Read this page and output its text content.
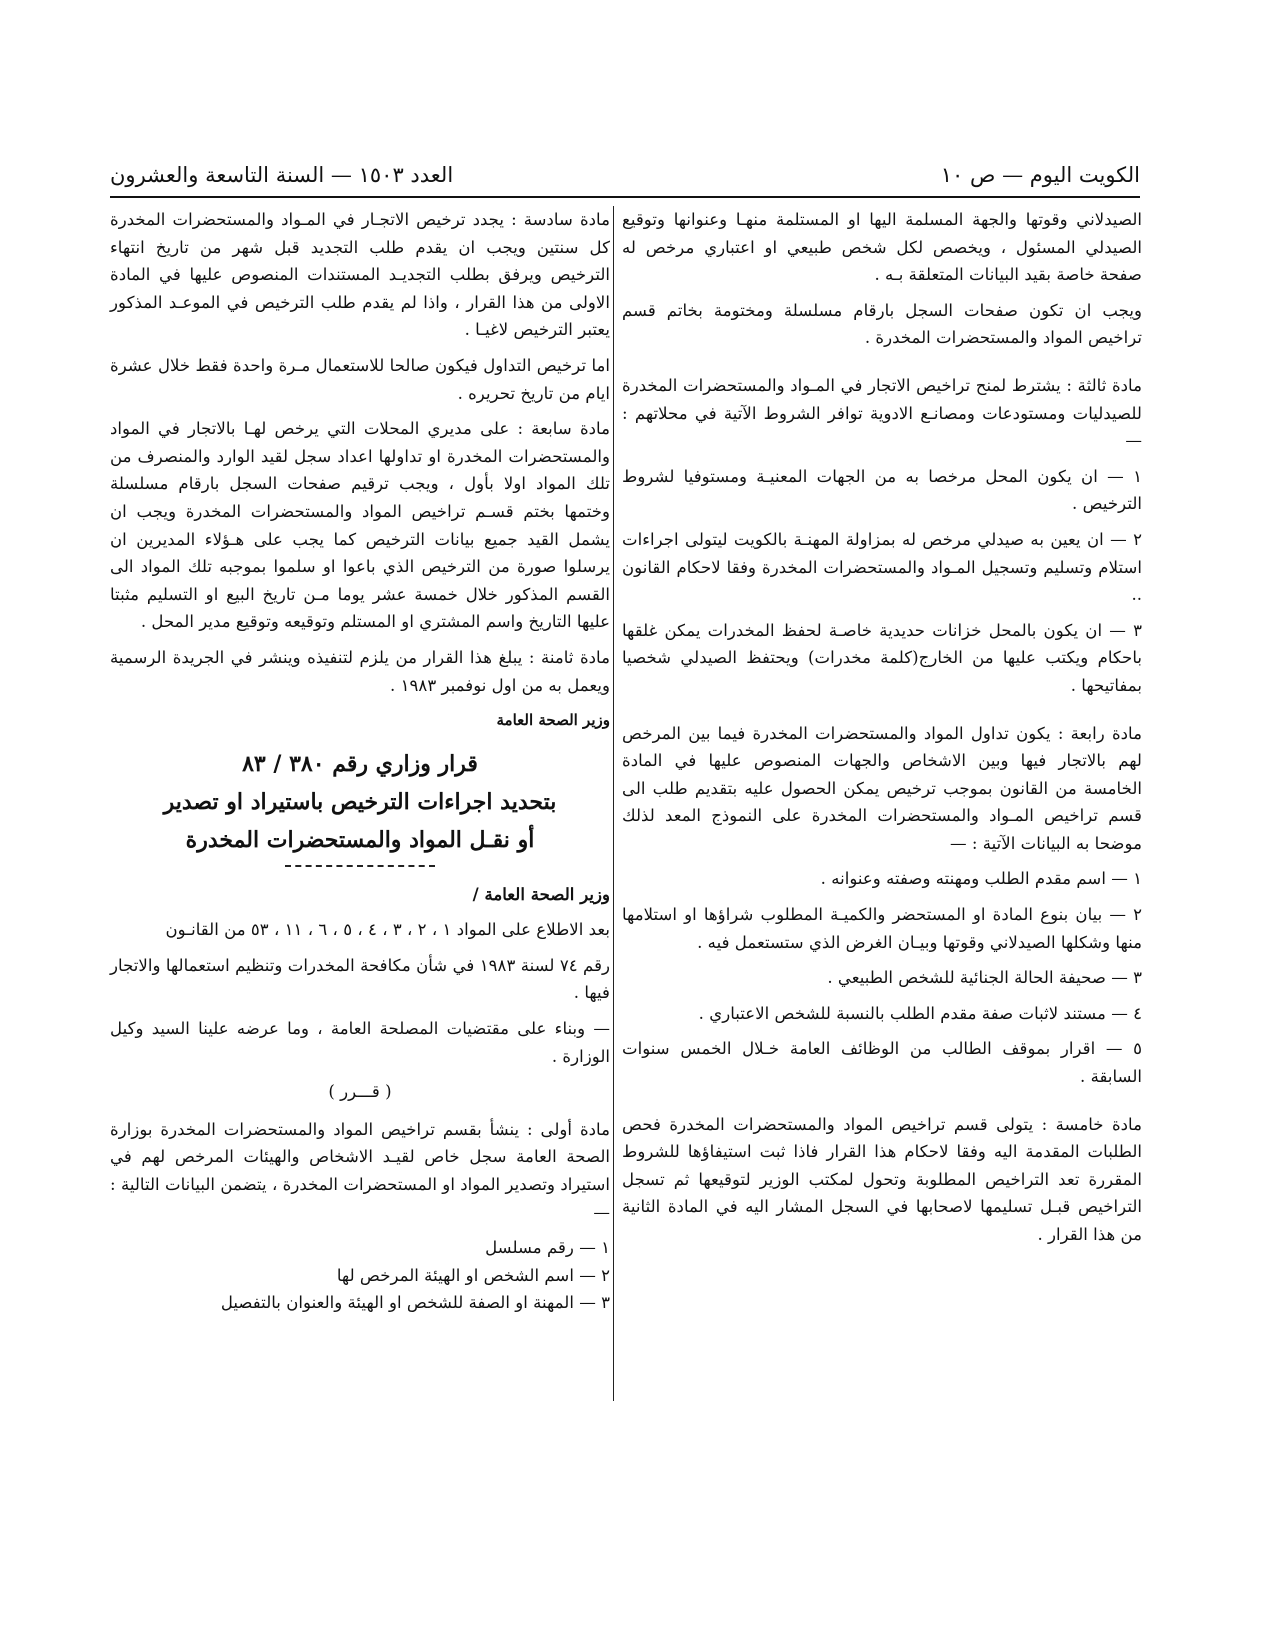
الكويت اليوم — ص ١٠
العدد ١٥٠٣ — السنة التاسعة والعشرون

الصيدلاني وقوتها والجهة المسلمة اليها او المستلمة منهـا وعنوانها وتوقيع الصيدلي المسئول ، ويخصص لكل شخص طبيعي او اعتباري مرخص له صفحة خاصة بقيد البيانات المتعلقة بـه .

ويجب ان تكون صفحات السجل بارقام مسلسلة ومختومة بخاتم قسم تراخيص المواد والمستحضرات المخدرة .

مادة ثالثة : يشترط لمنح تراخيص الاتجار في المـواد والمستحضرات المخدرة للصيدليات ومستودعات ومصانـع الادوية توافر الشروط الآتية في محلاتهم : —

١ — ان يكون المحل مرخصا به من الجهات المعنيـة ومستوفيا لشروط الترخيص .

٢ — ان يعين به صيدلي مرخص له بمزاولة المهنـة بالكويت ليتولى اجراءات استلام وتسليم وتسجيل المـواد والمستحضرات المخدرة وفقا لاحكام القانون ..

٣ — ان يكون بالمحل خزانات حديدية خاصـة لحفظ المخدرات يمكن غلقها باحكام ويكتب عليها من الخارج(كلمة مخدرات) ويحتفظ الصيدلي شخصيا بمفاتيحها .

مادة رابعة : يكون تداول المواد والمستحضرات المخدرة فيما بين المرخص لهم بالاتجار فيها وبين الاشخاص والجهات المنصوص عليها في المادة الخامسة من القانون بموجب ترخيص يمكن الحصول عليه بتقديم طلب الى قسم تراخيص المـواد والمستحضرات المخدرة على النموذج المعد لذلك موضحا به البيانات الآتية : —

١ — اسم مقدم الطلب ومهنته وصفته وعنوانه .

٢ — بيان بنوع المادة او المستحضر والكميـة المطلوب شراؤها او استلامها منها وشكلها الصيدلاني وقوتها وبيـان الغرض الذي ستستعمل فيه .

٣ — صحيفة الحالة الجنائية للشخص الطبيعي .

٤ — مستند لاثبات صفة مقدم الطلب بالنسبة للشخص الاعتباري .

٥ — اقرار بموقف الطالب من الوظائف العامة خـلال الخمس سنوات السابقة .

مادة خامسة : يتولى قسم تراخيص المواد والمستحضرات المخدرة فحص الطلبات المقدمة اليه وفقا لاحكام هذا القرار فاذا ثبت استيفاؤها للشروط المقررة تعد التراخيص المطلوبة وتحول لمكتب الوزير لتوقيعها ثم تسجل التراخيص قبـل تسليمها لاصحابها في السجل المشار اليه في المادة الثانية من هذا القرار .

مادة سادسة : يجدد ترخيص الاتجـار في المـواد والمستحضرات المخدرة كل سنتين ويجب ان يقدم طلب التجديد قبل شهر من تاريخ انتهاء الترخيص ويرفق بطلب التجديـد المستندات المنصوص عليها في المادة الاولى من هذا القرار ، واذا لم يقدم طلب الترخيص في الموعـد المذكور يعتبر الترخيص لاغيـا .

اما ترخيص التداول فيكون صالحا للاستعمال مـرة واحدة فقط خلال عشرة ايام من تاريخ تحريره .

مادة سابعة : على مديري المحلات التي يرخص لهـا بالاتجار في المواد والمستحضرات المخدرة او تداولها اعداد سجل لقيد الوارد والمنصرف من تلك المواد اولا بأول ، ويجب ترقيم صفحات السجل بارقام مسلسلة وختمها بختم قسـم تراخيص المواد والمستحضرات المخدرة ويجب ان يشمل القيد جميع بيانات الترخيص كما يجب على هـؤلاء المديرين ان يرسلوا صورة من الترخيص الذي باعوا او سلموا بموجبه تلك المواد الى القسم المذكور خلال خمسة عشر يوما مـن تاريخ البيع او التسليم مثبتا عليها التاريخ واسم المشتري او المستلم وتوقيعه وتوقيع مدير المحل .

مادة ثامنة : يبلغ هذا القرار من يلزم لتنفيذه وينشر في الجريدة الرسمية ويعمل به من اول نوفمبر ١٩٨٣ .

وزير الصحة العامة

قرار وزاري رقم ٣٨٠ / ٨٣

بتحديد اجراءات الترخيص باستيراد او تصدير

أو نقـل المواد والمستحضرات المخدرة

وزير الصحة العامة /

بعد الاطلاع على المواد ١ ، ٢ ، ٣ ، ٤ ، ٥ ، ٦ ، ١١ ، ٥٣ من القانـون

رقم ٧٤ لسنة ١٩٨٣ في شأن مكافحة المخدرات وتنظيم استعمالها والاتجار فيها .

— وبناء على مقتضيات المصلحة العامة ، وما عرضه علينا السيد وكيل الوزارة .

( قـــرر )

مادة أولى : ينشأ بقسم تراخيص المواد والمستحضرات المخدرة بوزارة الصحة العامة سجل خاص لقيـد الاشخاص والهيئات المرخص لهم في استيراد وتصدير المواد او المستحضرات المخدرة ، يتضمن البيانات التالية : —

١ — رقم مسلسل

٢ — اسم الشخص او الهيئة المرخص لها

٣ — المهنة او الصفة للشخص او الهيئة والعنوان بالتفصيل
